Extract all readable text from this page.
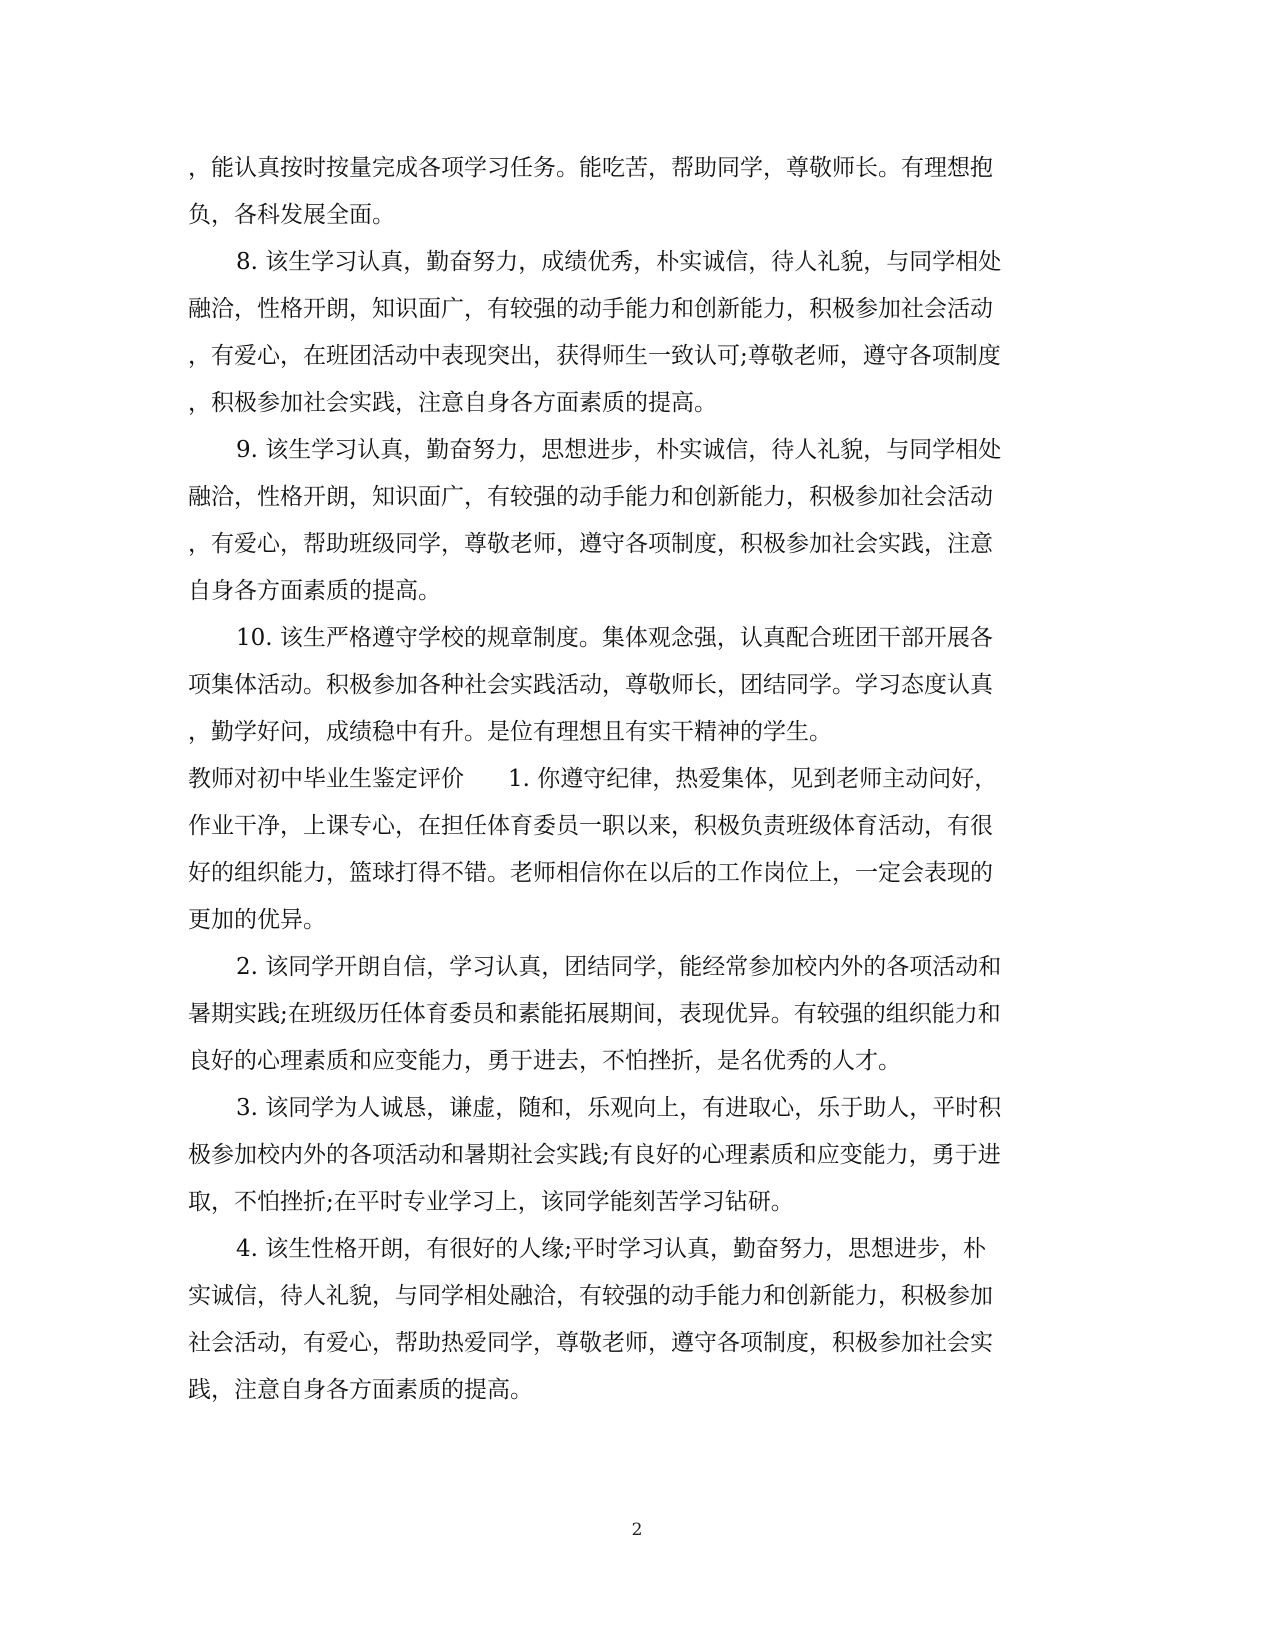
，能认真按时按量完成各项学习任务。能吃苦，帮助同学，尊敬师长。有理想抱
负，各科发展全面。
8. 该生学习认真，勤奋努力，成绩优秀，朴实诚信，待人礼貌，与同学相处
融洽，性格开朗，知识面广，有较强的动手能力和创新能力，积极参加社会活动
，有爱心，在班团活动中表现突出，获得师生一致认可;尊敬老师，遵守各项制度
，积极参加社会实践，注意自身各方面素质的提高。
9. 该生学习认真，勤奋努力，思想进步，朴实诚信，待人礼貌，与同学相处
融洽，性格开朗，知识面广，有较强的动手能力和创新能力，积极参加社会活动
，有爱心，帮助班级同学，尊敬老师，遵守各项制度，积极参加社会实践，注意
自身各方面素质的提高。
10. 该生严格遵守学校的规章制度。集体观念强，认真配合班团干部开展各
项集体活动。积极参加各种社会实践活动，尊敬师长，团结同学。学习态度认真
，勤学好问，成绩稳中有升。是位有理想且有实干精神的学生。
教师对初中毕业生鉴定评价 1. 你遵守纪律，热爱集体，见到老师主动问好，
作业干净，上课专心，在担任体育委员一职以来，积极负责班级体育活动，有很
好的组织能力，篮球打得不错。老师相信你在以后的工作岗位上，一定会表现的
更加的优异。
2. 该同学开朗自信，学习认真，团结同学，能经常参加校内外的各项活动和
暑期实践;在班级历任体育委员和素能拓展期间，表现优异。有较强的组织能力和
良好的心理素质和应变能力，勇于进去，不怕挫折，是名优秀的人才。
3. 该同学为人诚恳，谦虚，随和，乐观向上，有进取心，乐于助人，平时积
极参加校内外的各项活动和暑期社会实践;有良好的心理素质和应变能力，勇于进
取，不怕挫折;在平时专业学习上，该同学能刻苦学习钻研。
4. 该生性格开朗，有很好的人缘;平时学习认真，勤奋努力，思想进步，朴
实诚信，待人礼貌，与同学相处融洽，有较强的动手能力和创新能力，积极参加
社会活动，有爱心，帮助热爱同学，尊敬老师，遵守各项制度，积极参加社会实
践，注意自身各方面素质的提高。
2
